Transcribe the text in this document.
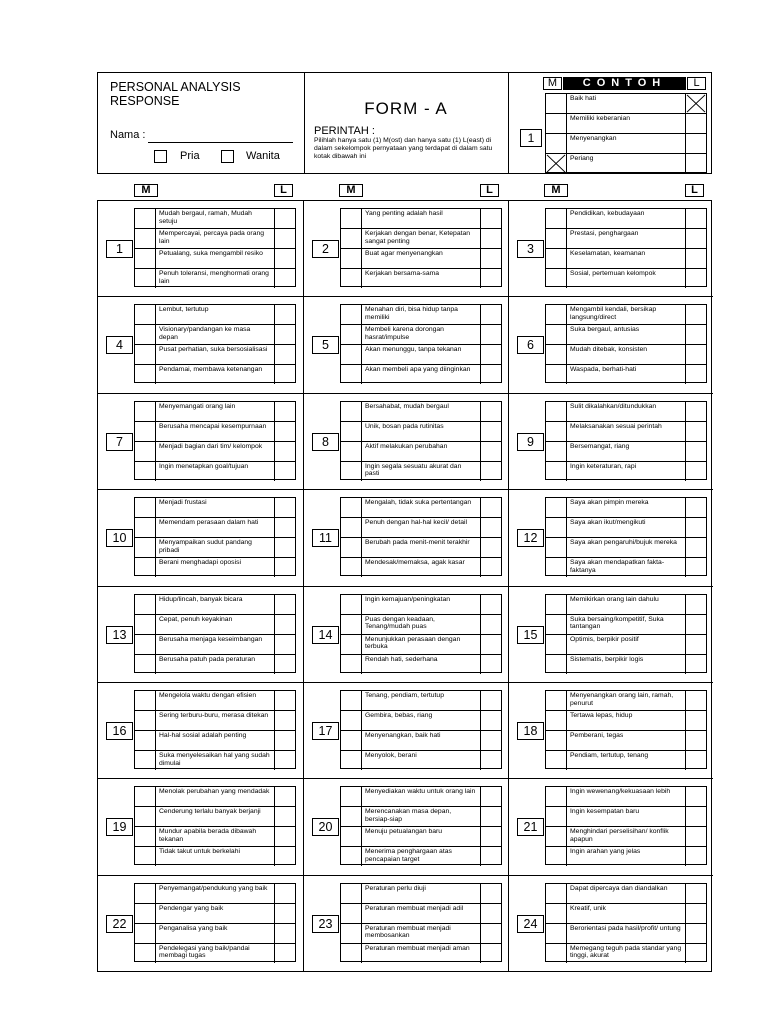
PERSONAL ANALYSIS RESPONSE
Nama :
Pria	Wanita
FORM - A
PERINTAH :
Pilihlah hanya satu (1) M(ost) dan hanya satu (1) L(east) di dalam sekelompok pernyataan yang terdapat di dalam satu kotak dibawah ini
M	CONTOH	L
1
Baik hati
Memiliki keberanian
Menyenangkan
Periang
M	L	M	L	M	L
1
Mudah bergaul, ramah, Mudah setuju
Mempercayai, percaya pada orang lain
Petualang, suka mengambil resiko
Penuh toleransi, menghormati orang lain
2
Yang penting adalah hasil
Kerjakan dengan benar, Ketepatan sangat penting
Buat agar menyenangkan
Kerjakan bersama-sama
3
Pendidikan, kebudayaan
Prestasi, penghargaan
Keselamatan, keamanan
Sosial, pertemuan kelompok
4
Lembut, tertutup
Visionary/pandangan ke masa depan
Pusat perhatian, suka bersosialisasi
Pendamai, membawa ketenangan
5
Menahan diri, bisa hidup tanpa memiliki
Membeli karena dorongan hasrat/impulse
Akan menunggu, tanpa tekanan
Akan membeli apa yang diinginkan
6
Mengambil kendali, bersikap langsung/direct
Suka bergaul, antusias
Mudah ditebak, konsisten
Waspada, berhati-hati
7
Menyemangati orang lain
Berusaha mencapai kesempurnaan
Menjadi bagian dari tim/ kelompok
Ingin menetapkan goal/tujuan
8
Bersahabat, mudah bergaul
Unik, bosan pada rutinitas
Aktif melakukan perubahan
Ingin segala sesuatu akurat dan pasti
9
Sulit dikalahkan/ditundukkan
Melaksanakan sesuai perintah
Bersemangat, riang
Ingin keteraturan, rapi
10
Menjadi frustasi
Memendam perasaan dalam hati
Menyampaikan sudut pandang pribadi
Berani menghadapi oposisi
11
Mengalah, tidak suka pertentangan
Penuh dengan hal-hal kecil/ detail
Berubah pada menit-menit terakhir
Mendesak/memaksa, agak kasar
12
Saya akan pimpin mereka
Saya akan ikut/mengikuti
Saya akan pengaruhi/bujuk mereka
Saya akan mendapatkan fakta-faktanya
13
Hidup/lincah, banyak bicara
Cepat, penuh keyakinan
Berusaha menjaga keseimbangan
Berusaha patuh pada peraturan
14
Ingin kemajuan/peningkatan
Puas dengan keadaan, Tenang/mudah puas
Menunjukkan perasaan dengan terbuka
Rendah hati, sederhana
15
Memikirkan orang lain dahulu
Suka bersaing/kompetitif, Suka tantangan
Optimis, berpikir positif
Sistematis, berpikir logis
16
Mengelola waktu dengan efisien
Sering terburu-buru, merasa ditekan
Hal-hal sosial adalah penting
Suka menyelesaikan hal yang sudah dimulai
17
Tenang, pendiam, tertutup
Gembira, bebas, riang
Menyenangkan, baik hati
Menyolok, berani
18
Menyenangkan orang lain, ramah, penurut
Tertawa lepas, hidup
Pemberani, tegas
Pendiam, tertutup, tenang
19
Menolak perubahan yang mendadak
Cenderung terlalu banyak berjanji
Mundur apabila berada dibawah tekanan
Tidak takut untuk berkelahi
20
Menyediakan waktu untuk orang lain
Merencanakan masa depan, bersiap-siap
Menuju petualangan baru
Menerima penghargaan atas pencapaian target
21
Ingin wewenang/kekuasaan lebih
Ingin kesempatan baru
Menghindari perselisihan/ konflik apapun
Ingin arahan yang jelas
22
Penyemangat/pendukung yang baik
Pendengar yang baik
Penganalisa yang baik
Pendelegasi yang baik/pandai membagi tugas
23
Peraturan perlu diuji
Peraturan membuat menjadi adil
Peraturan membuat menjadi membosankan
Peraturan membuat menjadi aman
24
Dapat dipercaya dan diandalkan
Kreatif, unik
Berorientasi pada hasil/profit/ untung
Memegang teguh pada standar yang tinggi, akurat
